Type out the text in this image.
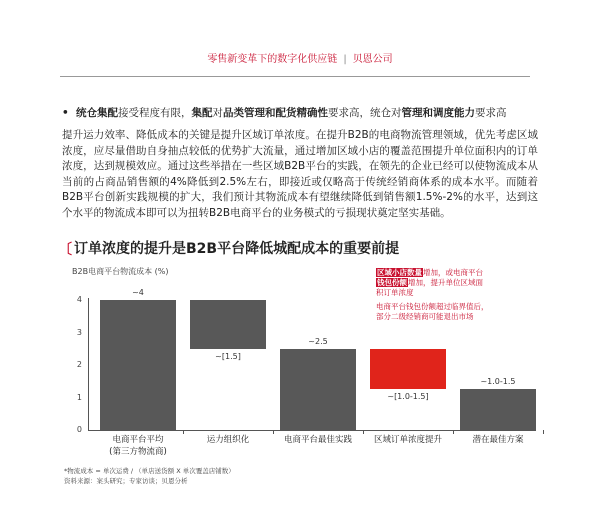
零售新变革下的数字化供应链 | 贝恩公司
• 统仓集配接受程度有限，集配对品类管理和配货精确性要求高，统仓对管理和调度能力要求高
提升运力效率、降低成本的关键是提升区域订单浓度。在提升B2B的电商物流管理领域，优先考虑区域浓度，应尽量借助自身抽点较低的优势扩大流量，通过增加区域小店的覆盖范围提升单位面积内的订单浓度，达到规模效应。通过这些举措在一些区域B2B平台的实践，在领先的企业已经可以使物流成本从当前的占商品销售额的4%降低到2.5%左右，即接近或仅略高于传统经销商体系的成本水平。而随着B2B平台创新实践规模的扩大，我们预计其物流成本有望继续降低到销售额1.5%-2%的水平，达到这个水平的物流成本即可以为扭转B2B电商平台的业务模式的亏损现状奠定坚实基础。
〔 订单浓度的提升是B2B平台降低城配成本的重要前提
B2B电商平台物流成本 (%)
0
1
2
3
4
~4
电商平台平均
(第三方物流商)
~[1.5]
运力组织化
~2.5
电商平台最佳实践
~[1.0-1.5]
区域订单浓度提升
~1.0-1.5
潜在最佳方案

区域小店数量增加，或电商平台钱包份额增加，提升单位区域面积订单浓度

电商平台钱包份额超过临界值后，部分二级经销商可能退出市场

*物流成本 = 单次运费 / （单店送货额 X 单次覆盖店铺数）
资料来源：案头研究；专家访谈；贝恩分析
